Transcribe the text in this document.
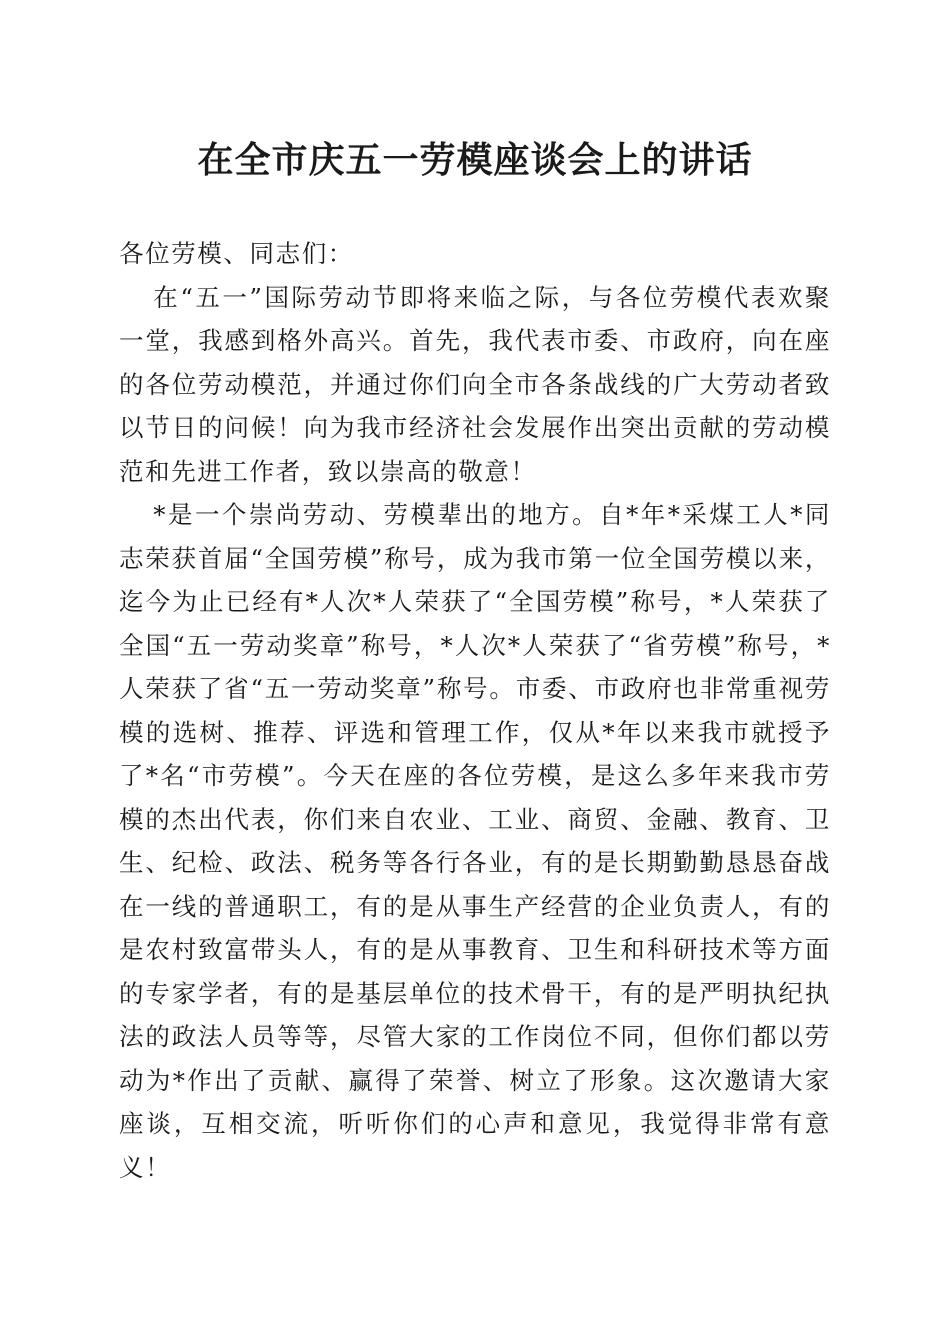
在全市庆五一劳模座谈会上的讲话

各位劳模、同志们：

在“五一”国际劳动节即将来临之际，与各位劳模代表欢聚一堂，我感到格外高兴。首先，我代表市委、市政府，向在座的各位劳动模范，并通过你们向全市各条战线的广大劳动者致以节日的问候！向为我市经济社会发展作出突出贡献的劳动模范和先进工作者，致以崇高的敬意！

*是一个崇尚劳动、劳模辈出的地方。自*年*采煤工人*同志荣获首届“全国劳模”称号，成为我市第一位全国劳模以来，迄今为止已经有*人次*人荣获了“全国劳模”称号，*人荣获了全国“五一劳动奖章”称号，*人次*人荣获了“省劳模”称号，*人荣获了省“五一劳动奖章”称号。市委、市政府也非常重视劳模的选树、推荐、评选和管理工作，仅从*年以来我市就授予了*名“市劳模”。今天在座的各位劳模，是这么多年来我市劳模的杰出代表，你们来自农业、工业、商贸、金融、教育、卫生、纪检、政法、税务等各行各业，有的是长期勤勤恳恳奋战在一线的普通职工，有的是从事生产经营的企业负责人，有的是农村致富带头人，有的是从事教育、卫生和科研技术等方面的专家学者，有的是基层单位的技术骨干，有的是严明执纪执法的政法人员等等，尽管大家的工作岗位不同，但你们都以劳动为*作出了贡献、赢得了荣誉、树立了形象。这次邀请大家座谈，互相交流，听听你们的心声和意见，我觉得非常有意义！
